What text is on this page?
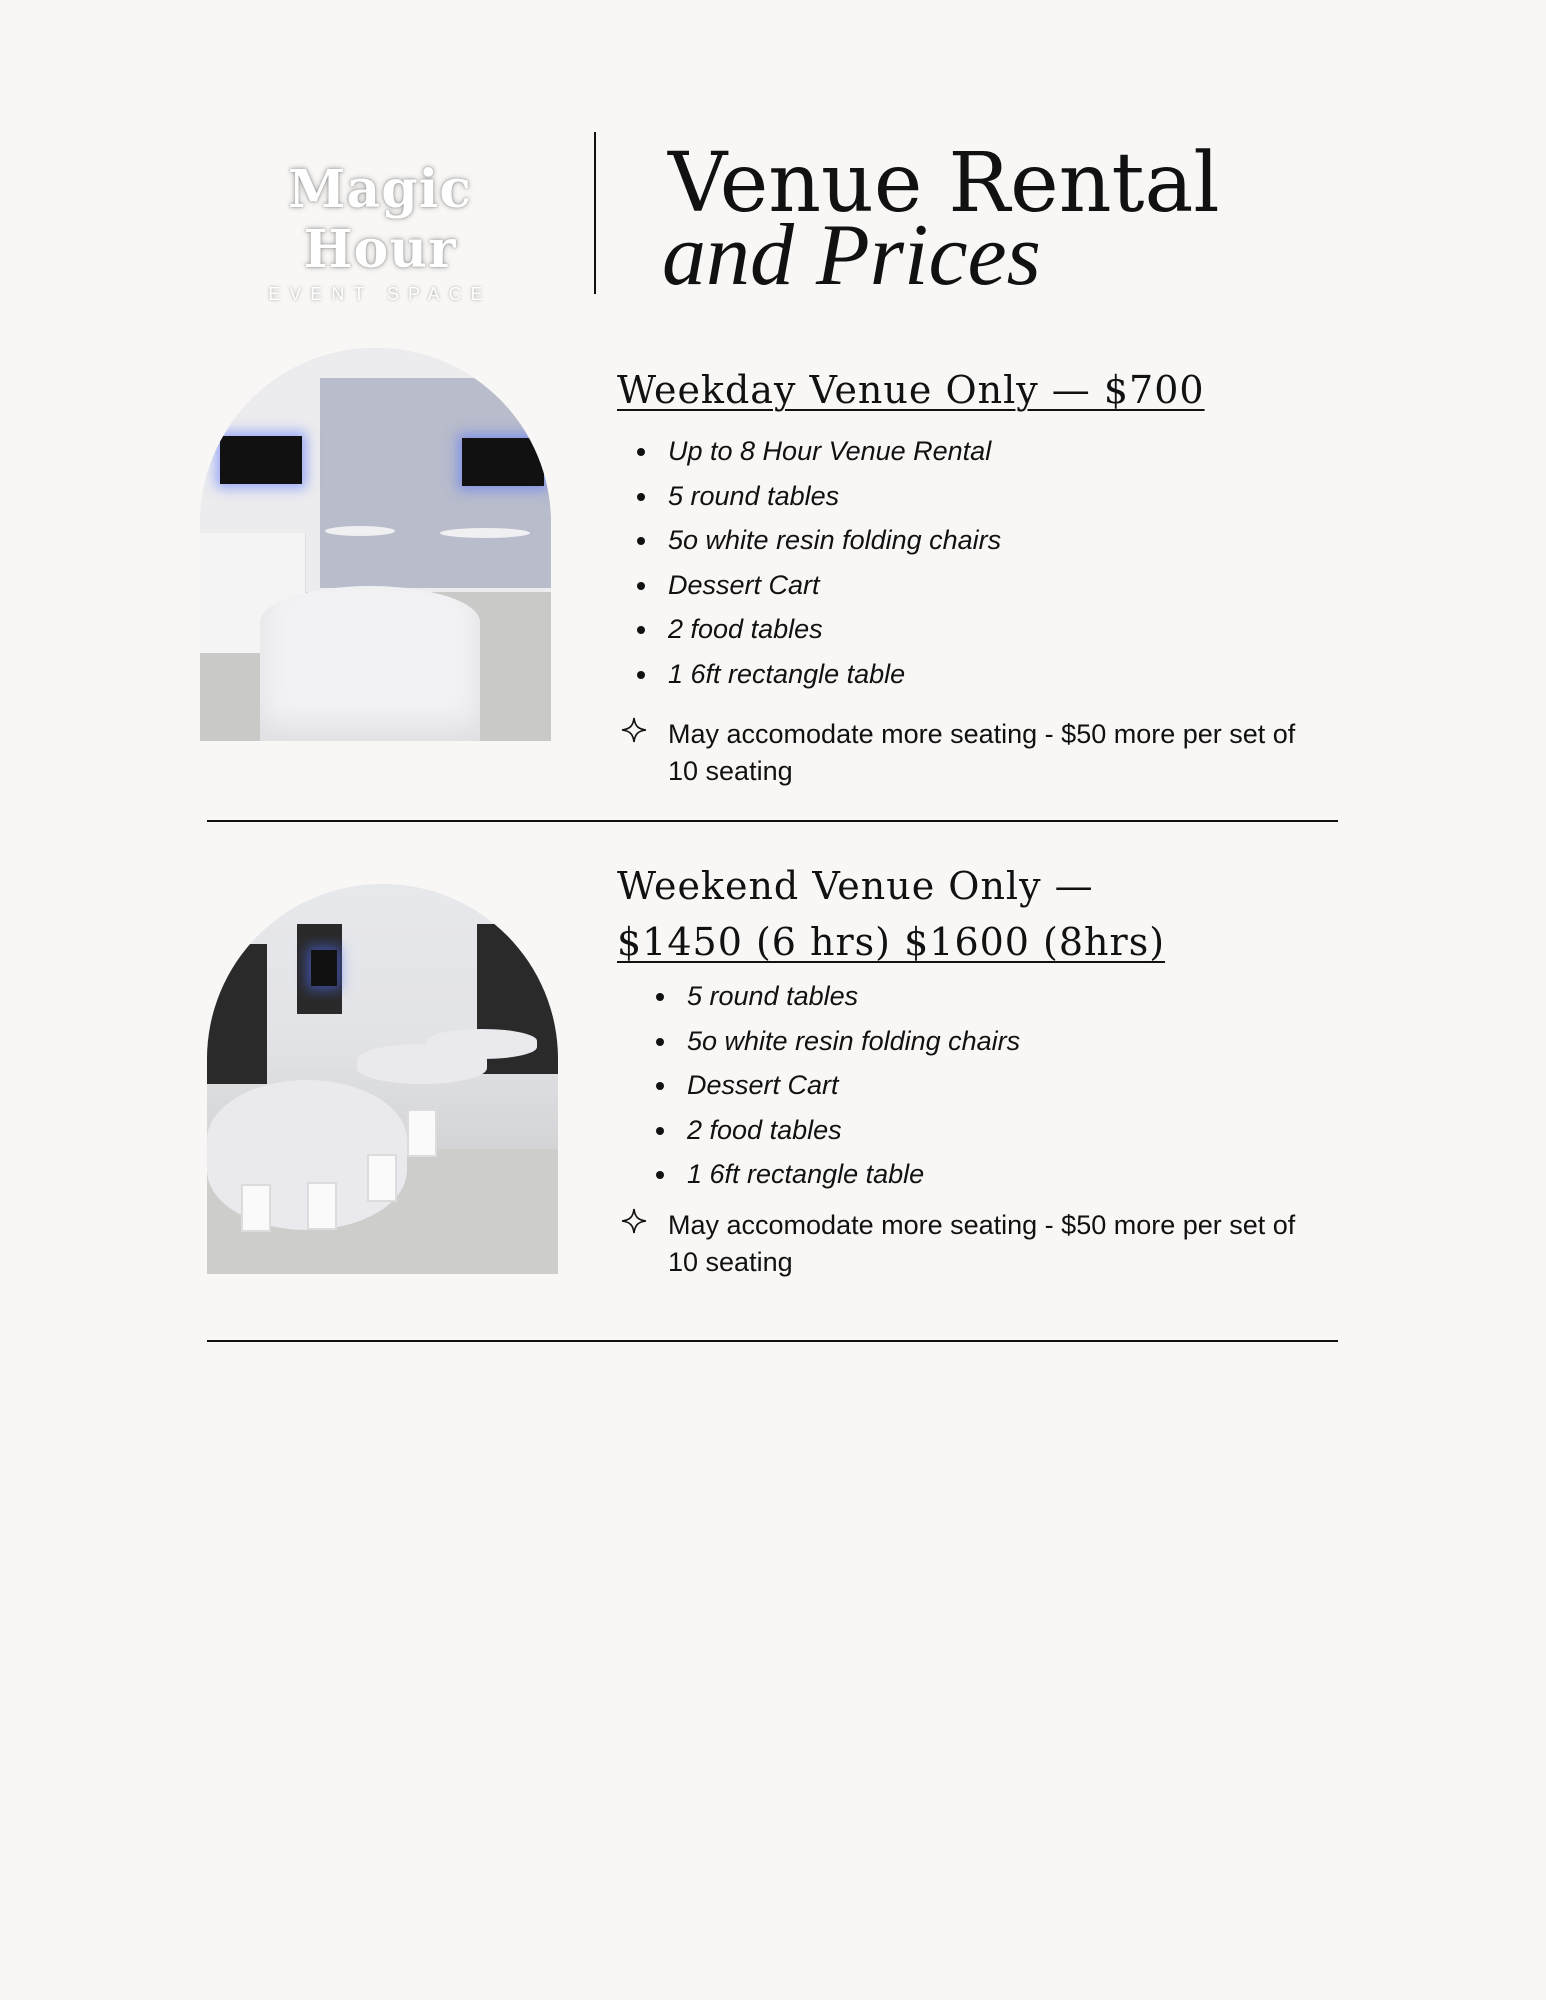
Magic Hour
EVENT SPACE
Venue Rental
and Prices
Weekday Venue Only — $700
Up to 8 Hour Venue Rental
5 round tables
5o white resin folding chairs
Dessert Cart
2 food tables
1 6ft rectangle table
May accomodate more seating - $50 more per set of 10 seating
Weekend Venue Only —
$1450 (6 hrs) $1600 (8hrs)
5 round tables
5o white resin folding chairs
Dessert Cart
2 food tables
1 6ft rectangle table
May accomodate more seating - $50 more per set of 10 seating
